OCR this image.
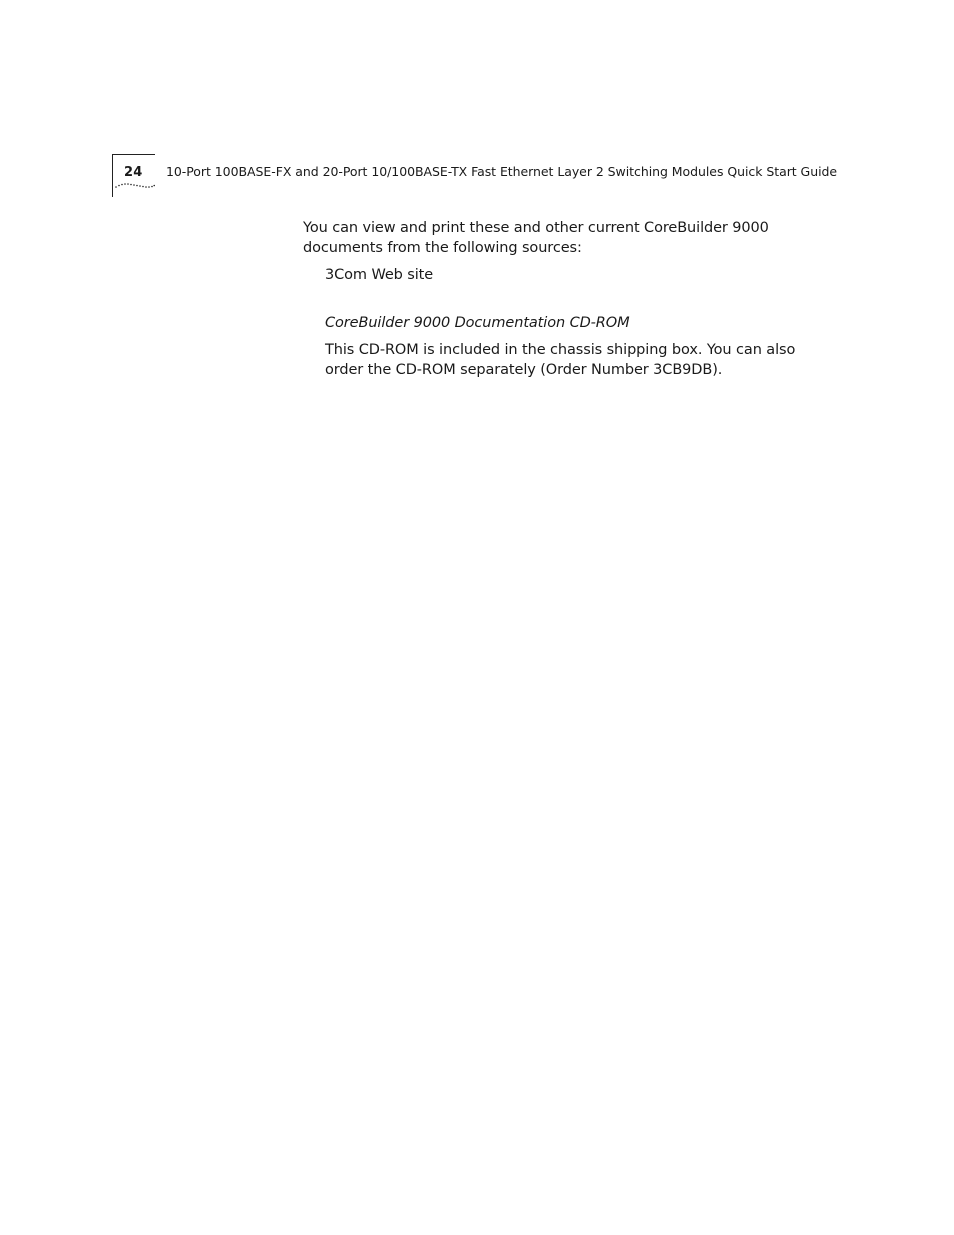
24 10-Port 100BASE-FX and 20-Port 10/100BASE-TX Fast Ethernet Layer 2 Switching Modules Quick Start Guide

You can view and print these and other current CoreBuilder 9000 documents from the following sources:

3Com Web site

CoreBuilder 9000 Documentation CD-ROM

This CD-ROM is included in the chassis shipping box. You can also order the CD-ROM separately (Order Number 3CB9DB).
